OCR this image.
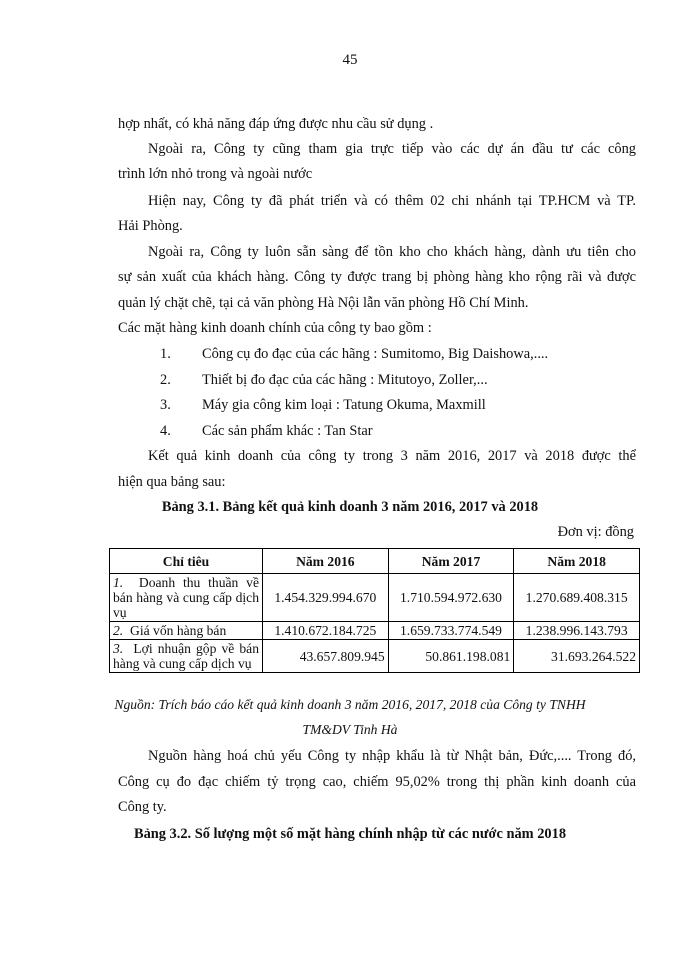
45
hợp nhất, có khả năng đáp ứng được nhu cầu sử dụng .
Ngoài ra, Công ty cũng tham gia trực tiếp vào các dự án đầu tư các công
trình lớn nhỏ trong và ngoài nước
Hiện nay, Công ty đã phát triển và có thêm 02 chi nhánh tại TP.HCM và TP.
Hải Phòng.
Ngoài ra, Công ty luôn sẵn sàng để tồn kho cho khách hàng, dành ưu tiên cho
sự sản xuất của khách hàng. Công ty được trang bị phòng hàng kho rộng rãi và được
quản lý chặt chẽ, tại cả văn phòng Hà Nội lẫn văn phòng Hồ Chí Minh.
Các mặt hàng kinh doanh chính của công ty bao gồm :
1. Công cụ đo đạc của các hãng : Sumitomo, Big Daishowa,....
2. Thiết bị đo đạc của các hãng : Mitutoyo, Zoller,...
3. Máy gia công kim loại : Tatung Okuma, Maxmill
4. Các sản phẩm khác : Tan Star
Kết quả kinh doanh của công ty trong 3 năm 2016, 2017 và 2018 được thể
hiện qua bảng sau:
Bảng 3.1. Bảng kết quả kinh doanh 3 năm 2016, 2017 và 2018
Đơn vị: đồng
Chỉ tiêu	Năm 2016	Năm 2017	Năm 2018
1. Doanh thu thuần về bán hàng và cung cấp dịch vụ	1.454.329.994.670	1.710.594.972.630	1.270.689.408.315
2. Giá vốn hàng bán	1.410.672.184.725	1.659.733.774.549	1.238.996.143.793
3. Lợi nhuận gộp về bán hàng và cung cấp dịch vụ	43.657.809.945	50.861.198.081	31.693.264.522
Nguồn: Trích báo cáo kết quả kinh doanh 3 năm 2016, 2017, 2018 của Công ty TNHH
TM&DV Tinh Hà
Nguồn hàng hoá chủ yếu Công ty nhập khẩu là từ Nhật bản, Đức,.... Trong đó,
Công cụ đo đạc chiếm tỷ trọng cao, chiếm 95,02% trong thị phần kinh doanh của
Công ty.
Bảng 3.2. Số lượng một số mặt hàng chính nhập từ các nước năm 2018
